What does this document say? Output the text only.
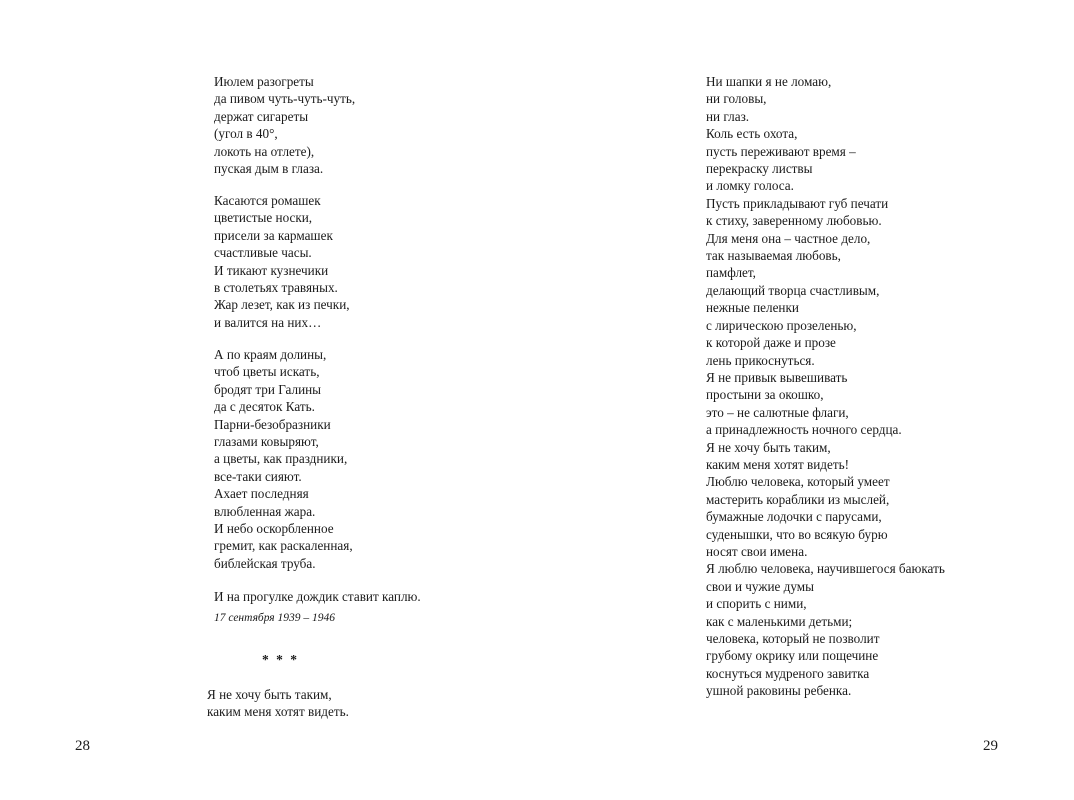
Июлем разогреты
да пивом чуть-чуть-чуть,
держат сигареты
(угол в 40°,
локоть на отлете),
пуская дым в глаза.
Касаются ромашек
цветистые носки,
присели за кармашек
счастливые часы.
И тикают кузнечики
в столетьях травяных.
Жар лезет, как из печки,
и валится на них…
А по краям долины,
чтоб цветы искать,
бродят три Галины
да с десяток Кать.
Парни-безобразники
глазами ковыряют,
а цветы, как праздники,
все-таки сияют.
Ахает последняя
влюбленная жара.
И небо оскорбленное
гремит, как раскаленная,
библейская труба.
И на прогулке дождик ставит каплю.
17 сентября 1939 – 1946
* * *
Я не хочу быть таким,
каким меня хотят видеть.
28
Ни шапки я не ломаю,
ни головы,
ни глаз.
Коль есть охота,
пусть переживают время –
перекраску листвы
и ломку голоса.
Пусть прикладывают губ печати
к стиху, завеpенному любовью.
Для меня она – частное дело,
так называемая любовь,
памфлет,
делающий творца счастливым,
нежные пеленки
с лирическою прозеленью,
к которой даже и прозе
лень прикоснуться.
Я не привык вывешивать
простыни за окошко,
это – не салютные флаги,
а принадлежность ночного сердца.
Я не хочу быть таким,
каким меня хотят видеть!
Люблю человека, который умеет
мастерить кораблики из мыслей,
бумажные лодочки с парусами,
суденышки, что во всякую бурю
носят свои имена.
Я люблю человека, научившегося баюкать
свои и чужие думы
и спорить с ними,
как с маленькими детьми;
человека, который не позволит
грубому окрику или пощечине
коснуться мудреного завитка
ушной раковины ребенка.
29
